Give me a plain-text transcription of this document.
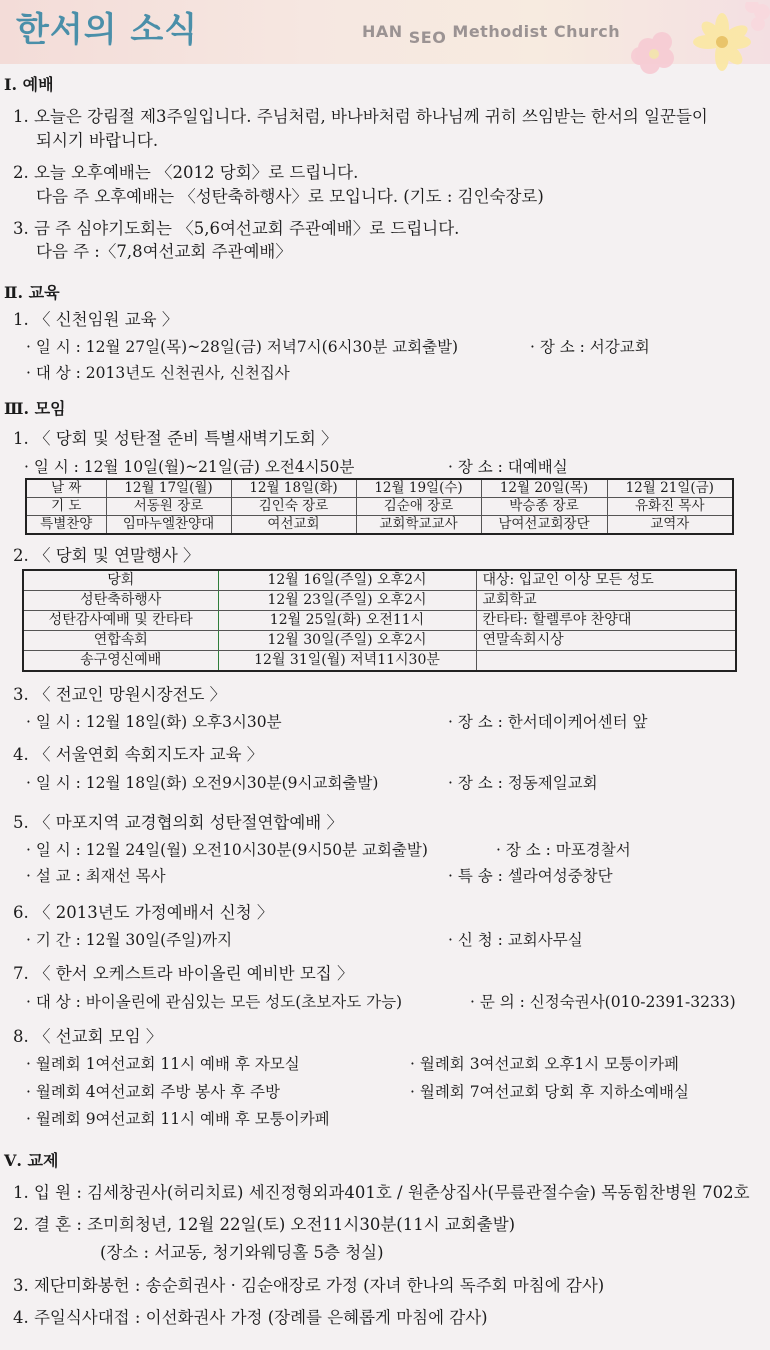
한서의 소식	HAN SEO Methodist Church
Ⅰ. 예배
1. 오늘은 강림절 제3주일입니다. 주님처럼, 바나바처럼 하나님께 귀히 쓰임받는 한서의 일꾼들이
되시기 바랍니다.
2. 오늘 오후예배는 〈2012 당회〉로 드립니다.
다음 주 오후예배는 〈성탄축하행사〉로 모입니다. (기도 : 김인숙장로)
3. 금 주 심야기도회는 〈5,6여선교회 주관예배〉로 드립니다.
다음 주 :〈7,8여선교회 주관예배〉
Ⅱ. 교육
1. 〈 신천임원 교육 〉
· 일 시 : 12월 27일(목)~28일(금) 저녁7시(6시30분 교회출발)	· 장 소 : 서강교회
· 대 상 : 2013년도 신천권사, 신천집사
Ⅲ. 모임
1. 〈 당회 및 성탄절 준비 특별새벽기도회 〉
· 일 시 : 12월 10일(월)~21일(금) 오전4시50분	· 장 소 : 대예배실
날 짜	12월 17일(월)	12월 18일(화)	12월 19일(수)	12월 20일(목)	12월 21일(금)
기 도	서동원 장로	김인숙 장로	김순애 장로	박승종 장로	유화진 목사
특별찬양	임마누엘찬양대	여선교회	교회학교교사	남여선교회장단	교역자
2. 〈 당회 및 연말행사 〉
당회	12월 16일(주일) 오후2시	대상: 입교인 이상 모든 성도
성탄축하행사	12월 23일(주일) 오후2시	교회학교
성탄감사예배 및 칸타타	12월 25일(화) 오전11시	칸타타: 할렐루야 찬양대
연합속회	12월 30일(주일) 오후2시	연말속회시상
송구영신예배	12월 31일(월) 저녁11시30분	
3. 〈 전교인 망원시장전도 〉
· 일 시 : 12월 18일(화) 오후3시30분	· 장 소 : 한서데이케어센터 앞
4. 〈 서울연회 속회지도자 교육 〉
· 일 시 : 12월 18일(화) 오전9시30분(9시교회출발)	· 장 소 : 정동제일교회
5. 〈 마포지역 교경협의회 성탄절연합예배 〉
· 일 시 : 12월 24일(월) 오전10시30분(9시50분 교회출발)	· 장 소 : 마포경찰서
· 설 교 : 최재선 목사	· 특 송 : 셀라여성중창단
6. 〈 2013년도 가정예배서 신청 〉
· 기 간 : 12월 30일(주일)까지	· 신 청 : 교회사무실
7. 〈 한서 오케스트라 바이올린 예비반 모집 〉
· 대 상 : 바이올린에 관심있는 모든 성도(초보자도 가능)	· 문 의 : 신정숙권사(010-2391-3233)
8. 〈 선교회 모임 〉
· 월례회 1여선교회 11시 예배 후 자모실	· 월례회 3여선교회 오후1시 모퉁이카페
· 월례회 4여선교회 주방 봉사 후 주방	· 월례회 7여선교회 당회 후 지하소예배실
· 월례회 9여선교회 11시 예배 후 모퉁이카페
Ⅴ. 교제
1. 입 원 : 김세창권사(허리치료) 세진정형외과401호 / 원춘상집사(무릎관절수술) 목동힘찬병원 702호
2. 결 혼 : 조미희청년, 12월 22일(토) 오전11시30분(11시 교회출발)
(장소 : 서교동, 청기와웨딩홀 5층 청실)
3. 제단미화봉헌 : 송순희권사 · 김순애장로 가정 (자녀 한나의 독주회 마침에 감사)
4. 주일식사대접 : 이선화권사 가정 (장례를 은혜롭게 마침에 감사)
